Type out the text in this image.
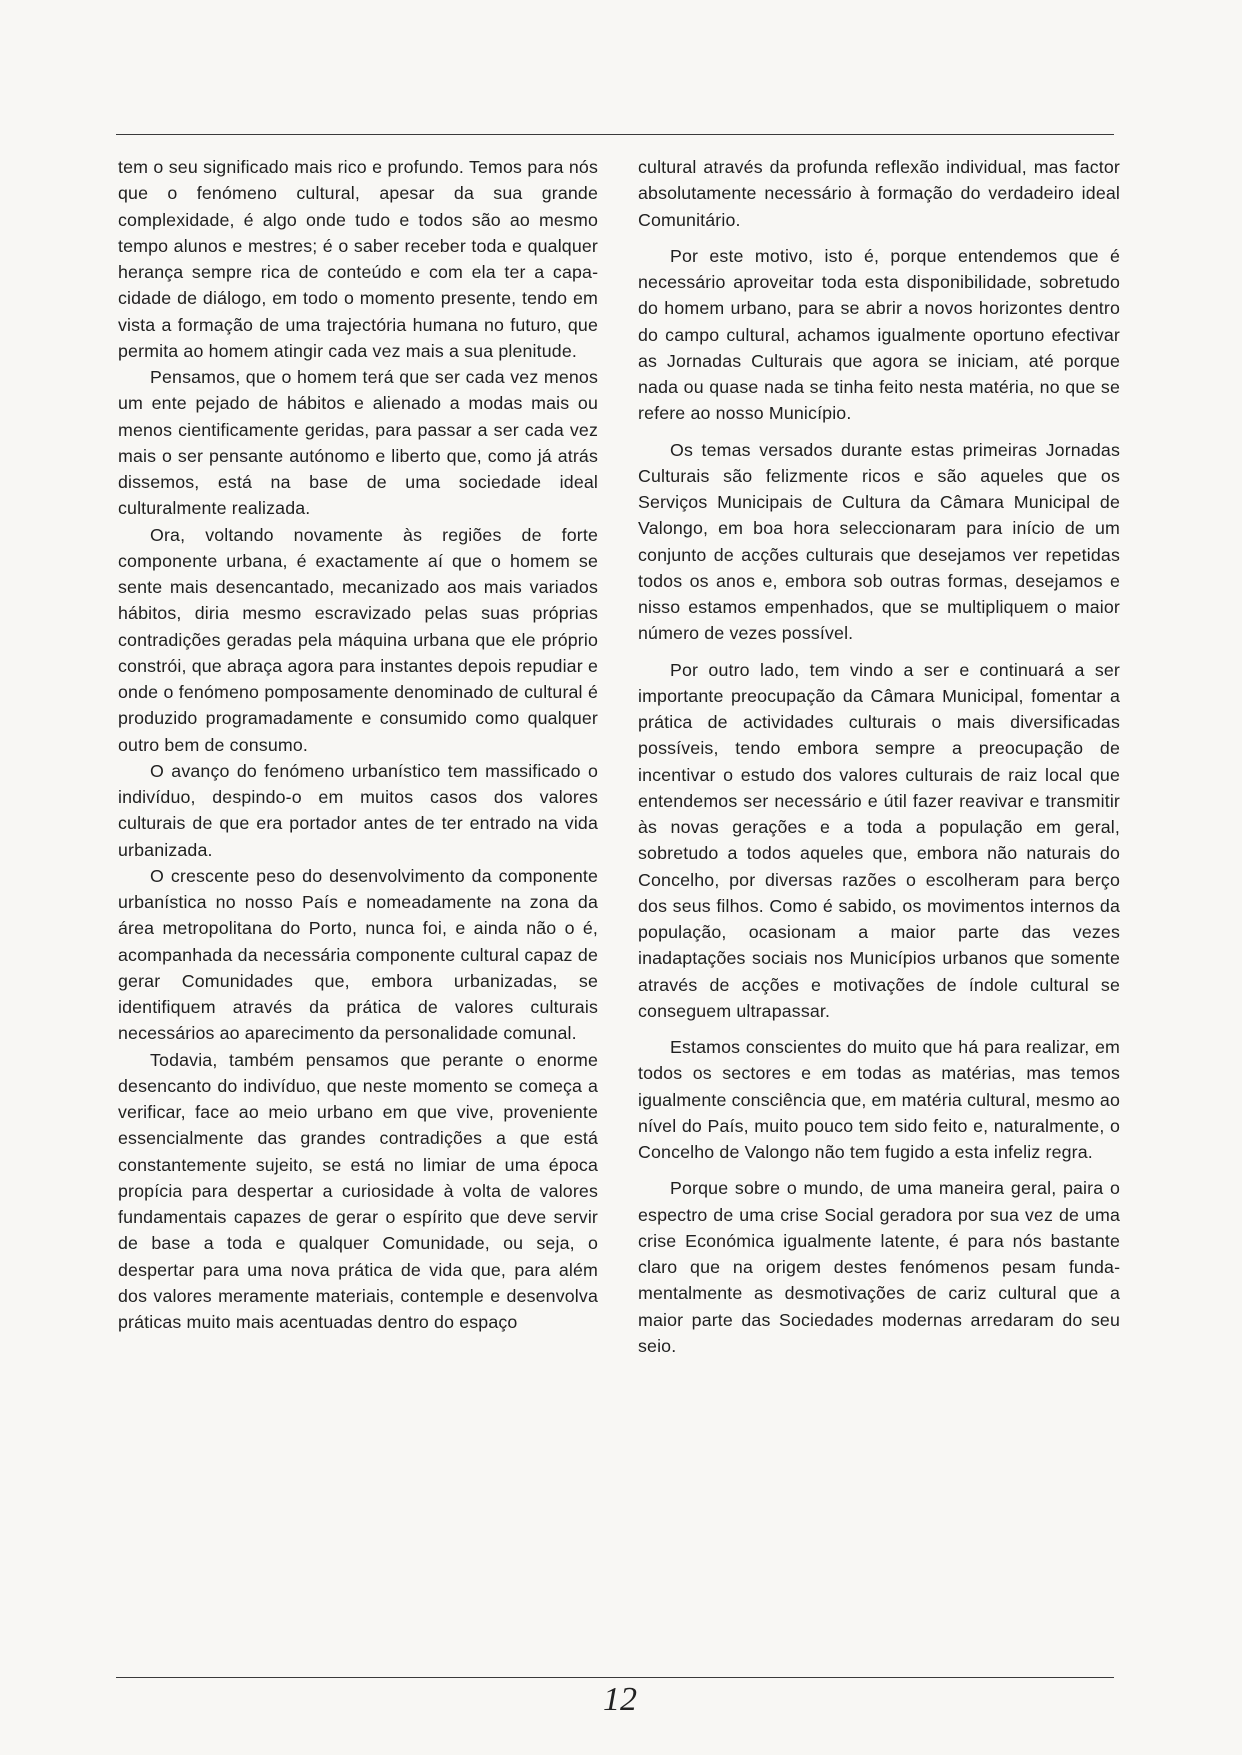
tem o seu significado mais rico e profundo. Temos para nós que o fenómeno cultural, apesar da sua grande complexidade, é algo onde tudo e todos são ao mesmo tempo alunos e mestres; é o saber receber toda e qualquer herança sempre rica de conteúdo e com ela ter a capacidade de diálogo, em todo o momento presente, tendo em vista a formação de uma trajectória humana no futuro, que permita ao homem atingir cada vez mais a sua plenitude.

Pensamos, que o homem terá que ser cada vez menos um ente pejado de hábitos e alienado a modas mais ou menos cientificamente geridas, para passar a ser cada vez mais o ser pensante autónomo e liberto que, como já atrás dissemos, está na base de uma sociedade ideal culturalmente realizada.

Ora, voltando novamente às regiões de forte componente urbana, é exactamente aí que o homem se sente mais desencantado, mecanizado aos mais variados hábitos, diria mesmo escravizado pelas suas próprias contradições geradas pela máquina urbana que ele próprio constrói, que abraça agora para instantes depois repudiar e onde o fenómeno pomposamente denominado de cultural é produzido programadamente e consumido como qualquer outro bem de consumo.

O avanço do fenómeno urbanístico tem massificado o indivíduo, despindo-o em muitos casos dos valores culturais de que era portador antes de ter entrado na vida urbanizada.

O crescente peso do desenvolvimento da componente urbanística no nosso País e nomeadamente na zona da área metropolitana do Porto, nunca foi, e ainda não o é, acompanhada da necessária componente cultural capaz de gerar Comunidades que, embora urbanizadas, se identifiquem através da prática de valores culturais necessários ao aparecimento da personalidade comunal.

Todavia, também pensamos que perante o enorme desencanto do indivíduo, que neste momento se começa a verificar, face ao meio urbano em que vive, proveniente essencialmente das grandes contradições a que está constantemente sujeito, se está no limiar de uma época propícia para despertar a curiosidade à volta de valores fundamentais capazes de gerar o espírito que deve servir de base a toda e qualquer Comunidade, ou seja, o despertar para uma nova prática de vida que, para além dos valores meramente materiais, contemple e desenvolva práticas muito mais acentuadas dentro do espaço

cultural através da profunda reflexão individual, mas factor absolutamente necessário à formação do verdadeiro ideal Comunitário.

Por este motivo, isto é, porque entendemos que é necessário aproveitar toda esta disponibilidade, sobretudo do homem urbano, para se abrir a novos horizontes dentro do campo cultural, achamos igualmente oportuno efectivar as Jornadas Culturais que agora se iniciam, até porque nada ou quase nada se tinha feito nesta matéria, no que se refere ao nosso Município.

Os temas versados durante estas primeiras Jornadas Culturais são felizmente ricos e são aqueles que os Serviços Municipais de Cultura da Câmara Municipal de Valongo, em boa hora seleccionaram para início de um conjunto de acções culturais que desejamos ver repetidas todos os anos e, embora sob outras formas, desejamos e nisso estamos empenhados, que se multipliquem o maior número de vezes possível.

Por outro lado, tem vindo a ser e continuará a ser importante preocupação da Câmara Municipal, fomentar a prática de actividades culturais o mais diversificadas possíveis, tendo embora sempre a preocupação de incentivar o estudo dos valores culturais de raiz local que entendemos ser necessário e útil fazer reavivar e transmitir às novas gerações e a toda a população em geral, sobretudo a todos aqueles que, embora não naturais do Concelho, por diversas razões o escolheram para berço dos seus filhos. Como é sabido, os movimentos internos da população, ocasionam a maior parte das vezes inadaptações sociais nos Municípios urbanos que somente através de acções e motivações de índole cultural se conseguem ultrapassar.

Estamos conscientes do muito que há para realizar, em todos os sectores e em todas as matérias, mas temos igualmente consciência que, em matéria cultural, mesmo ao nível do País, muito pouco tem sido feito e, naturalmente, o Concelho de Valongo não tem fugido a esta infeliz regra.

Porque sobre o mundo, de uma maneira geral, paira o espectro de uma crise Social geradora por sua vez de uma crise Económica igualmente latente, é para nós bastante claro que na origem destes fenómenos pesam fundamentalmente as desmotivações de cariz cultural que a maior parte das Sociedades modernas arredaram do seu seio.

12
